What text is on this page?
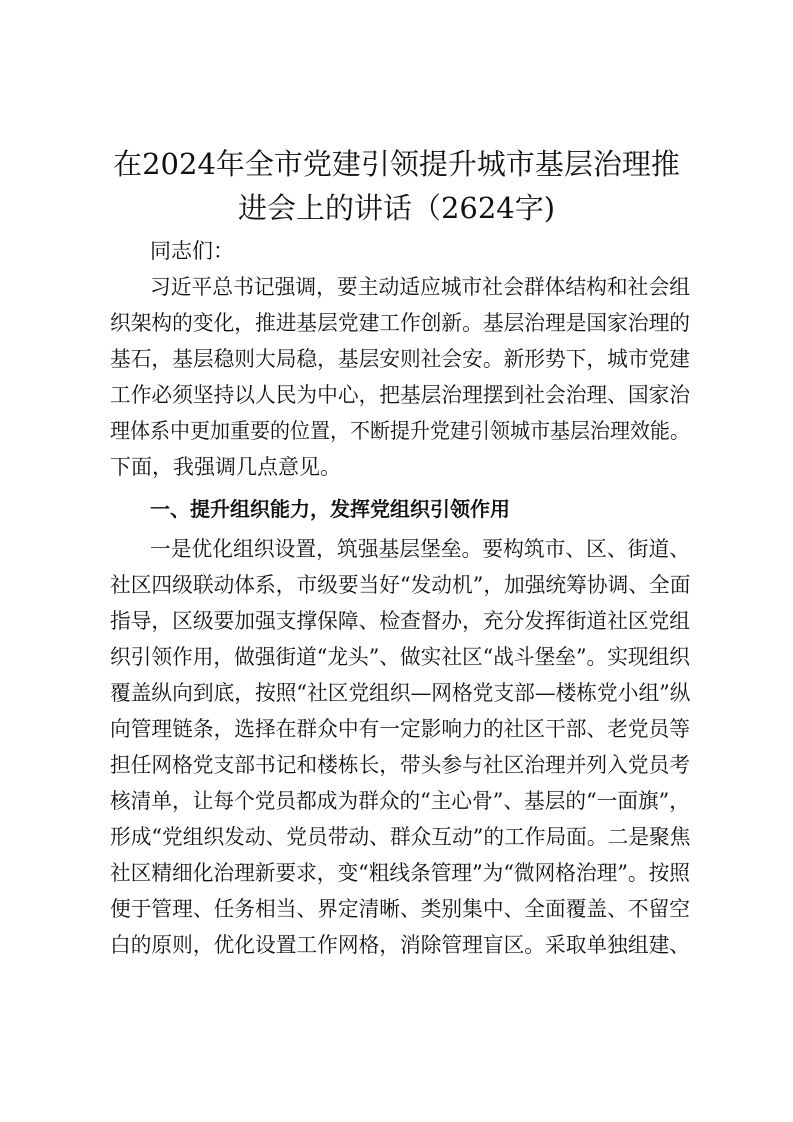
在2024年全市党建引领提升城市基层治理推
进会上的讲话（2624字)
同志们：
习近平总书记强调，要主动适应城市社会群体结构和社会组
织架构的变化，推进基层党建工作创新。基层治理是国家治理的
基石，基层稳则大局稳，基层安则社会安。新形势下，城市党建
工作必须坚持以人民为中心，把基层治理摆到社会治理、国家治
理体系中更加重要的位置，不断提升党建引领城市基层治理效能。
下面，我强调几点意见。
一、提升组织能力，发挥党组织引领作用
一是优化组织设置，筑强基层堡垒。要构筑市、区、街道、
社区四级联动体系，市级要当好“发动机”，加强统筹协调、全面
指导，区级要加强支撑保障、检查督办，充分发挥街道社区党组
织引领作用，做强街道“龙头”、做实社区“战斗堡垒”。实现组织
覆盖纵向到底，按照“社区党组织—网格党支部—楼栋党小组”纵
向管理链条，选择在群众中有一定影响力的社区干部、老党员等
担任网格党支部书记和楼栋长，带头参与社区治理并列入党员考
核清单，让每个党员都成为群众的“主心骨”、基层的“一面旗”，
形成“党组织发动、党员带动、群众互动”的工作局面。二是聚焦
社区精细化治理新要求，变“粗线条管理”为“微网格治理”。按照
便于管理、任务相当、界定清晰、类别集中、全面覆盖、不留空
白的原则，优化设置工作网格，消除管理盲区。采取单独组建、
